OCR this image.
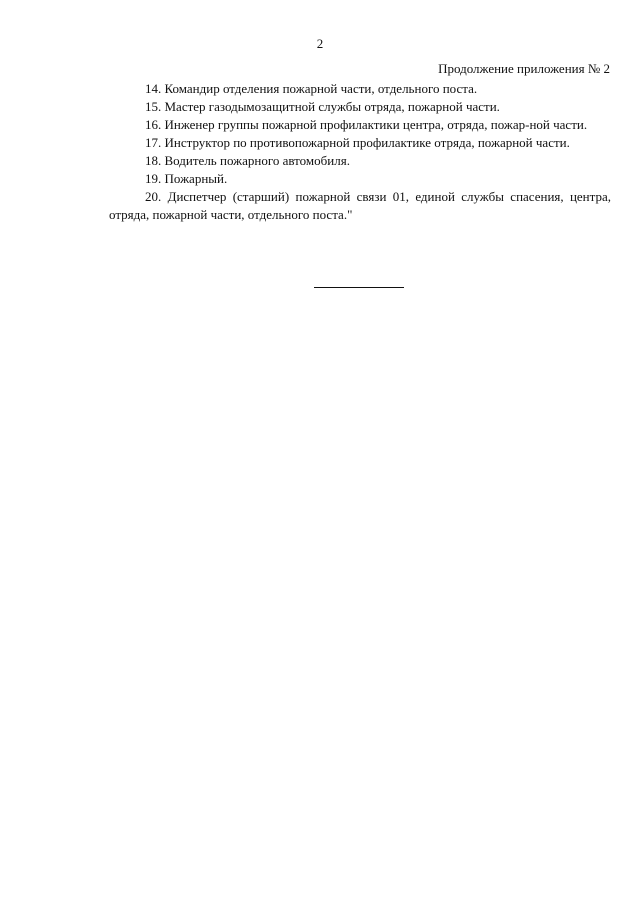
2
Продолжение приложения № 2

14. Командир отделения пожарной части, отдельного поста.

15. Мастер газодымозащитной службы отряда, пожарной части.

16. Инженер группы пожарной профилактики центра, отряда, пожар-ной части.

17. Инструктор по противопожарной профилактике отряда, пожарной части.

18. Водитель пожарного автомобиля.

19. Пожарный.

20. Диспетчер (старший) пожарной связи 01, единой службы спасения, центра, отряда, пожарной части, отдельного поста."
